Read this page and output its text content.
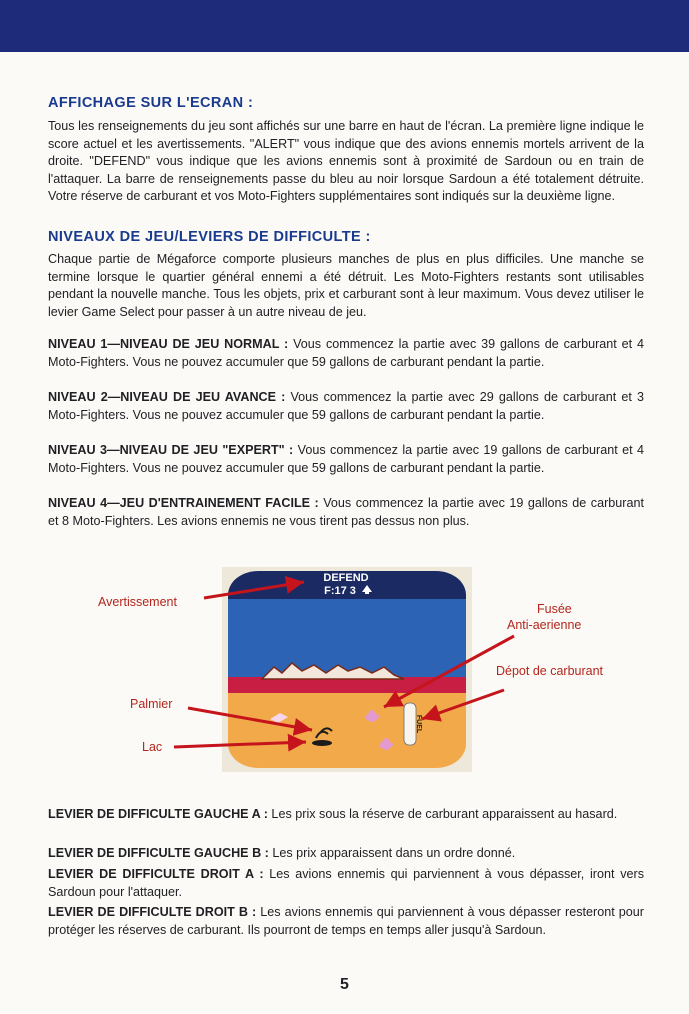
AFFICHAGE SUR L'ECRAN :
Tous les renseignements du jeu sont affichés sur une barre en haut de l'écran. La première ligne indique le score actuel et les avertissements. "ALERT" vous indique que des avions ennemis mortels arrivent de la droite. "DEFEND" vous indique que les avions ennemis sont à proximité de Sardoun ou en train de l'attaquer. La barre de renseignements passe du bleu au noir lorsque Sardoun a été totalement détruite. Votre réserve de carburant et vos Moto-Fighters supplémentaires sont indiqués sur la deuxième ligne.
NIVEAUX DE JEU/LEVIERS DE DIFFICULTE :
Chaque partie de Mégaforce comporte plusieurs manches de plus en plus difficiles. Une manche se termine lorsque le quartier général ennemi a été détruit. Les Moto-Fighters restants sont utilisables pendant la nouvelle manche. Tous les objets, prix et carburant sont à leur maximum. Vous devez utiliser le levier Game Select pour passer à un autre niveau de jeu.
NIVEAU 1—NIVEAU DE JEU NORMAL : Vous commencez la partie avec 39 gallons de carburant et 4 Moto-Fighters. Vous ne pouvez accumuler que 59 gallons de carburant pendant la partie.
NIVEAU 2—NIVEAU DE JEU AVANCE : Vous commencez la partie avec 29 gallons de carburant et 3 Moto-Fighters. Vous ne pouvez accumuler que 59 gallons de carburant pendant la partie.
NIVEAU 3—NIVEAU DE JEU "EXPERT" : Vous commencez la partie avec 19 gallons de carburant et 4 Moto-Fighters. Vous ne pouvez accumuler que 59 gallons de carburant pendant la partie.
NIVEAU 4—JEU D'ENTRAINEMENT FACILE : Vous commencez la partie avec 19 gallons de carburant et 8 Moto-Fighters. Les avions ennemis ne vous tirent pas dessus non plus.
DEFEND
F:17 3
FUEL
Avertissement	Fusée
Anti-aerienne
Dépot de carburant
Palmier
Lac
LEVIER DE DIFFICULTE GAUCHE A : Les prix sous la réserve de carburant apparaissent au hasard.
LEVIER DE DIFFICULTE GAUCHE B : Les prix apparaissent dans un ordre donné.
LEVIER DE DIFFICULTE DROIT A : Les avions ennemis qui parviennent à vous dépasser, iront vers Sardoun pour l'attaquer.
LEVIER DE DIFFICULTE DROIT B : Les avions ennemis qui parviennent à vous dépasser resteront pour protéger les réserves de carburant. Ils pourront de temps en temps aller jusqu'à Sardoun.
5
